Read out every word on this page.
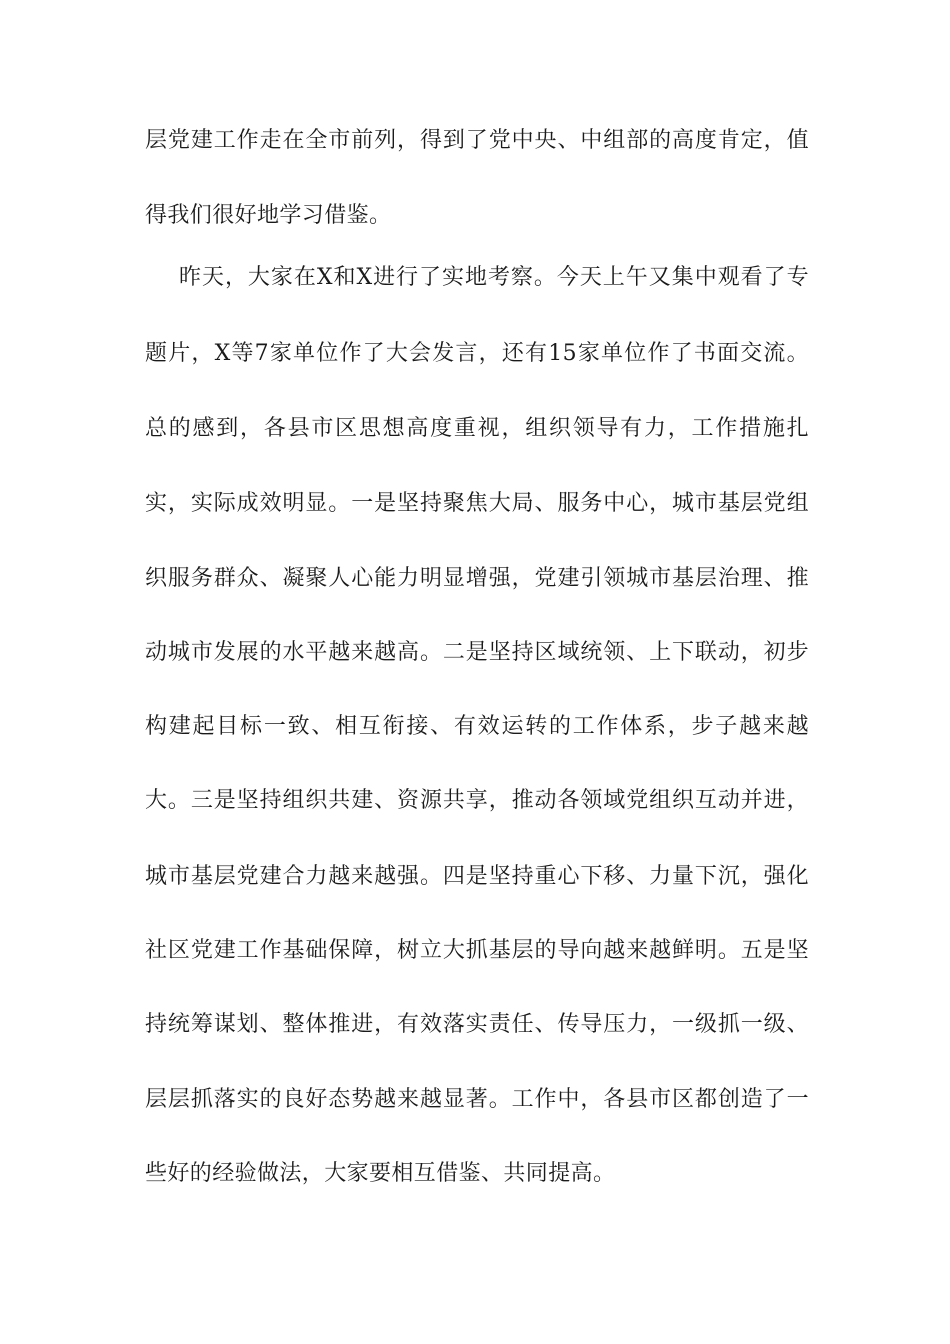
层党建工作走在全市前列，得到了党中央、中组部的高度肯定，值
得我们很好地学习借鉴。
昨天，大家在X和X进行了实地考察。今天上午又集中观看了专
题片，X等7家单位作了大会发言，还有15家单位作了书面交流。
总的感到，各县市区思想高度重视，组织领导有力，工作措施扎
实，实际成效明显。一是坚持聚焦大局、服务中心，城市基层党组
织服务群众、凝聚人心能力明显增强，党建引领城市基层治理、推
动城市发展的水平越来越高。二是坚持区域统领、上下联动，初步
构建起目标一致、相互衔接、有效运转的工作体系，步子越来越
大。三是坚持组织共建、资源共享，推动各领域党组织互动并进，
城市基层党建合力越来越强。四是坚持重心下移、力量下沉，强化
社区党建工作基础保障，树立大抓基层的导向越来越鲜明。五是坚
持统筹谋划、整体推进，有效落实责任、传导压力，一级抓一级、
层层抓落实的良好态势越来越显著。工作中，各县市区都创造了一
些好的经验做法，大家要相互借鉴、共同提高。
